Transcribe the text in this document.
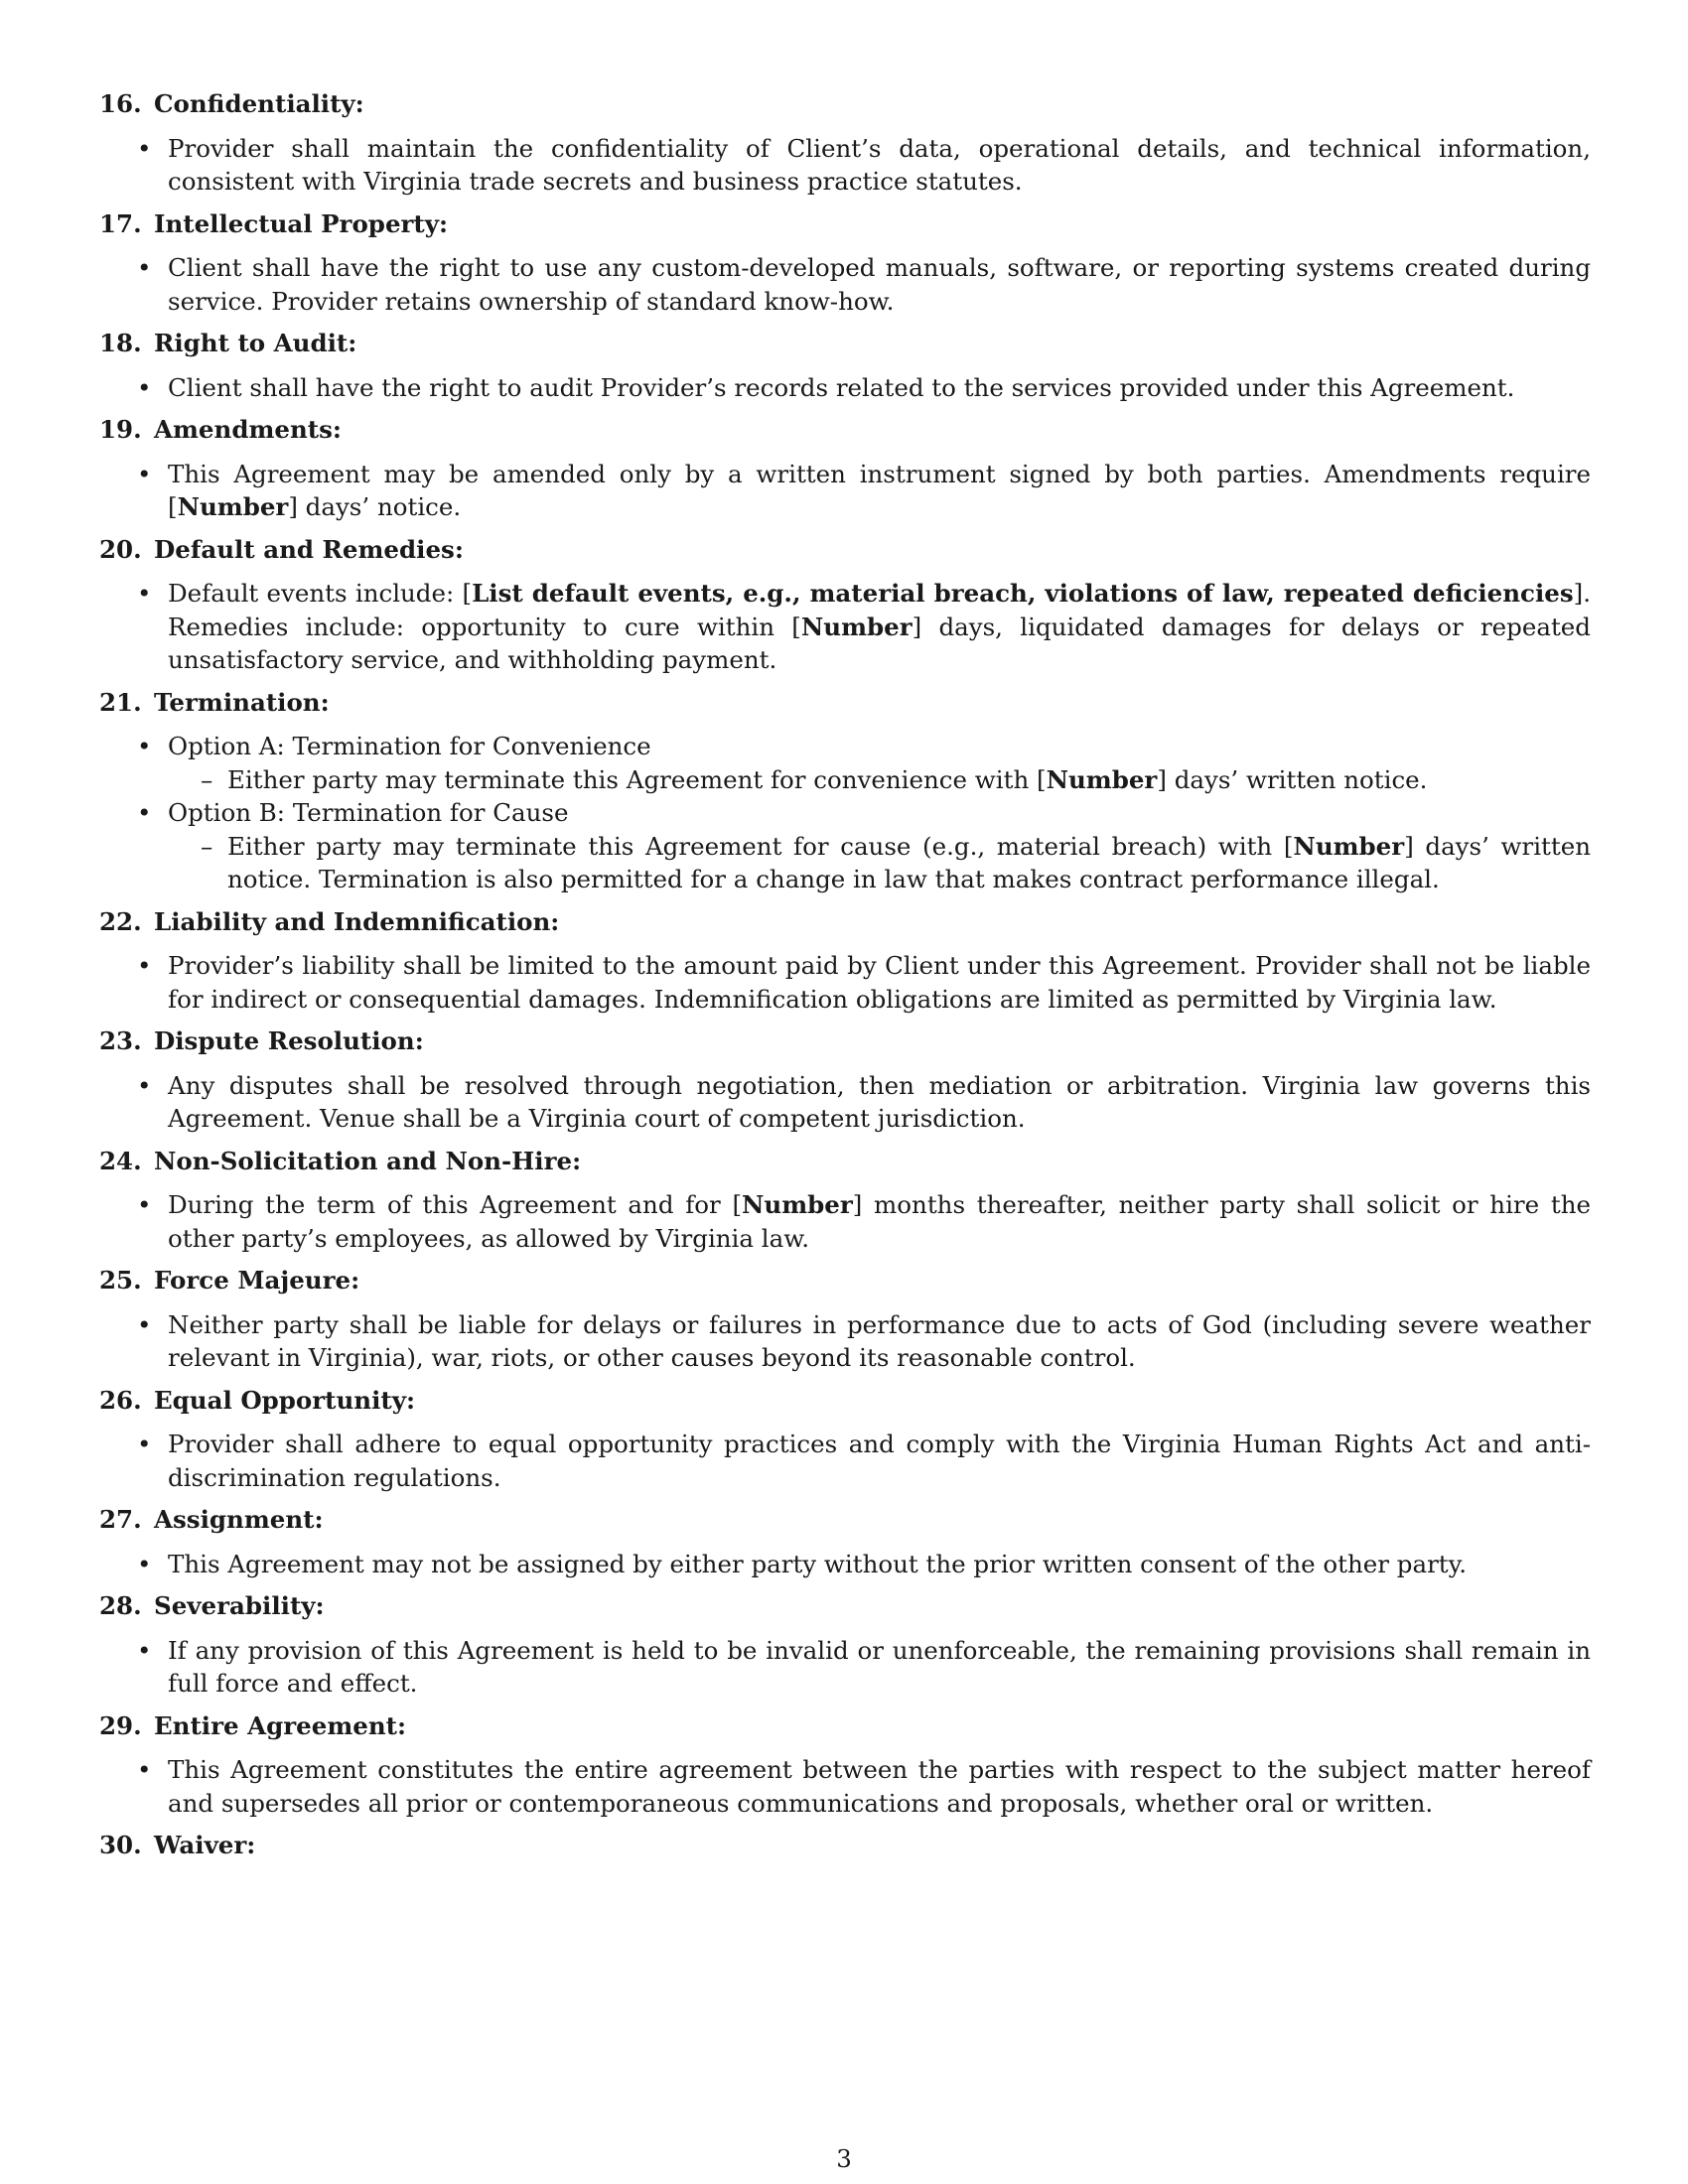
16. Confidentiality:
• Provider shall maintain the confidentiality of Client’s data, operational details, and technical information, consistent with Virginia trade secrets and business practice statutes.
17. Intellectual Property:
• Client shall have the right to use any custom-developed manuals, software, or reporting systems created during service. Provider retains ownership of standard know-how.
18. Right to Audit:
• Client shall have the right to audit Provider’s records related to the services provided under this Agreement.
19. Amendments:
• This Agreement may be amended only by a written instrument signed by both parties. Amendments require [Number] days’ notice.
20. Default and Remedies:
• Default events include: [List default events, e.g., material breach, violations of law, repeated deficiencies]. Remedies include: opportunity to cure within [Number] days, liquidated damages for delays or repeated unsatisfactory service, and withholding payment.
21. Termination:
• Option A: Termination for Convenience
– Either party may terminate this Agreement for convenience with [Number] days’ written notice.
• Option B: Termination for Cause
– Either party may terminate this Agreement for cause (e.g., material breach) with [Number] days’ written notice. Termination is also permitted for a change in law that makes contract performance illegal.
22. Liability and Indemnification:
• Provider’s liability shall be limited to the amount paid by Client under this Agreement. Provider shall not be liable for indirect or consequential damages. Indemnification obligations are limited as permitted by Virginia law.
23. Dispute Resolution:
• Any disputes shall be resolved through negotiation, then mediation or arbitration. Virginia law governs this Agreement. Venue shall be a Virginia court of competent jurisdiction.
24. Non-Solicitation and Non-Hire:
• During the term of this Agreement and for [Number] months thereafter, neither party shall solicit or hire the other party’s employees, as allowed by Virginia law.
25. Force Majeure:
• Neither party shall be liable for delays or failures in performance due to acts of God (including severe weather relevant in Virginia), war, riots, or other causes beyond its reasonable control.
26. Equal Opportunity:
• Provider shall adhere to equal opportunity practices and comply with the Virginia Human Rights Act and anti-discrimination regulations.
27. Assignment:
• This Agreement may not be assigned by either party without the prior written consent of the other party.
28. Severability:
• If any provision of this Agreement is held to be invalid or unenforceable, the remaining provisions shall remain in full force and effect.
29. Entire Agreement:
• This Agreement constitutes the entire agreement between the parties with respect to the subject matter hereof and supersedes all prior or contemporaneous communications and proposals, whether oral or written.
30. Waiver:
3
